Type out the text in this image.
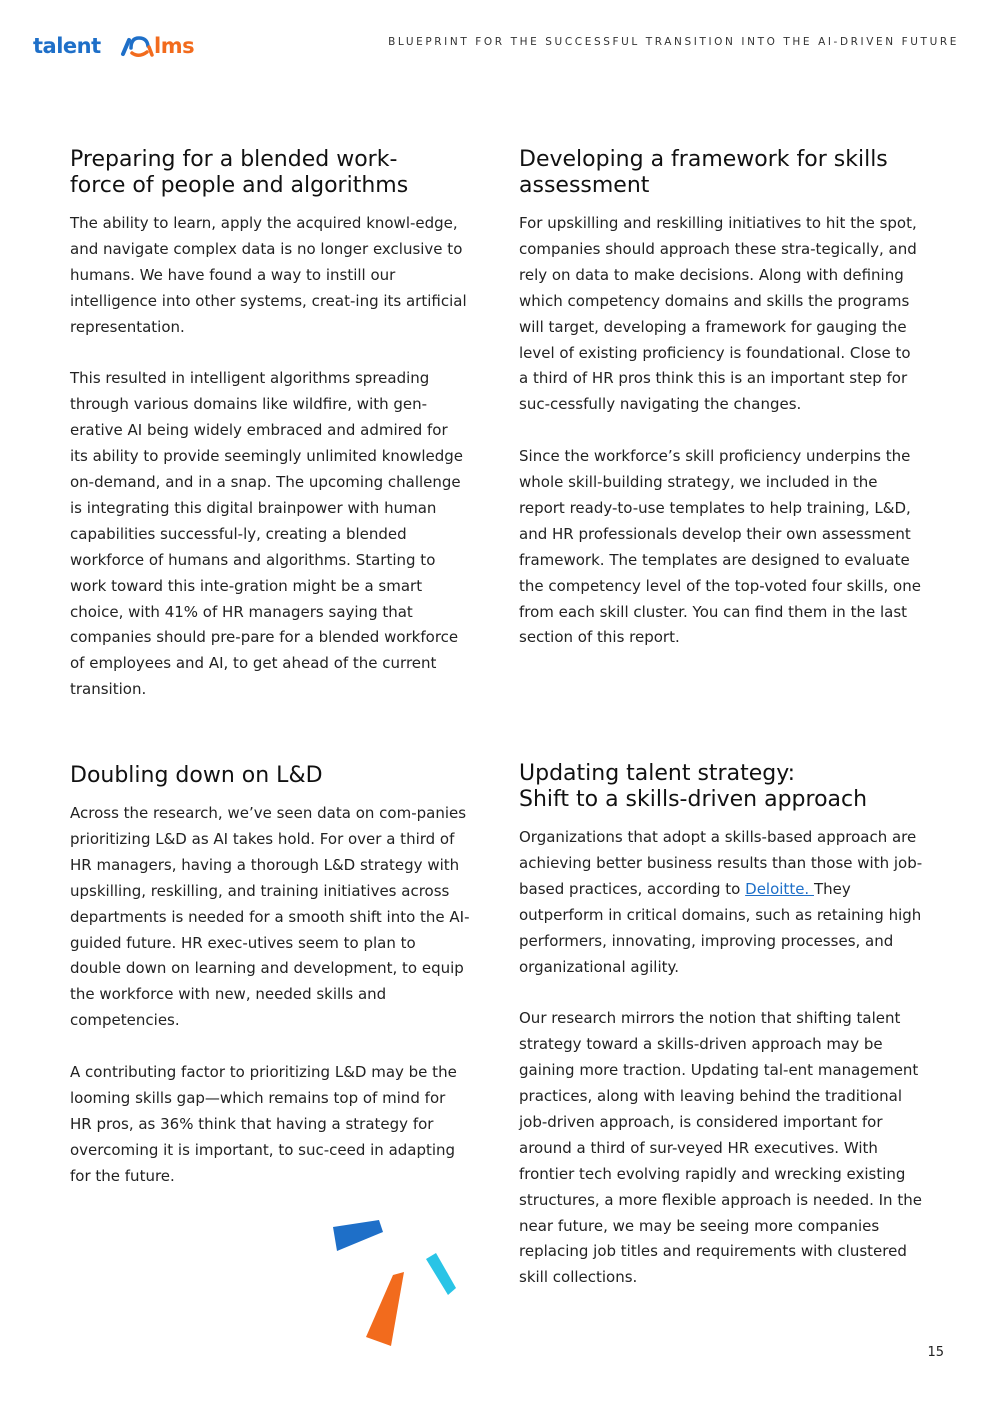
talent	lms	BLUEPRINT FOR THE SUCCESSFUL TRANSITION INTO THE AI-DRIVEN FUTURE
Preparing for a blended work-
force of people and algorithms

The ability to learn, apply the acquired knowl-edge, and navigate complex data is no longer exclusive to humans. We have found a way to instill our intelligence into other systems, creat-ing its artificial representation.

This resulted in intelligent algorithms spreading through various domains like wildfire, with gen-erative AI being widely embraced and admired for its ability to provide seemingly unlimited knowledge on-demand, and in a snap. The upcoming challenge is integrating this digital brainpower with human capabilities successful-ly, creating a blended workforce of humans and algorithms. Starting to work toward this inte-gration might be a smart choice, with 41% of HR managers saying that companies should pre-pare for a blended workforce of employees and AI, to get ahead of the current transition.

Developing a framework for skills
assessment

For upskilling and reskilling initiatives to hit the spot, companies should approach these stra-tegically, and rely on data to make decisions. Along with defining which competency domains and skills the programs will target, developing a framework for gauging the level of existing proficiency is foundational. Close to a third of HR pros think this is an important step for suc-cessfully navigating the changes.

Since the workforce’s skill proficiency underpins the whole skill-building strategy, we included in the report ready-to-use templates to help training, L&D, and HR professionals develop their own assessment framework. The templates are designed to evaluate the competency level of the top-voted four skills, one from each skill cluster. You can find them in the last section of this report.

Doubling down on L&D

Across the research, we’ve seen data on com-panies prioritizing L&D as AI takes hold. For over a third of HR managers, having a thorough L&D strategy with upskilling, reskilling, and training initiatives across departments is needed for a smooth shift into the AI-guided future. HR exec-utives seem to plan to double down on learning and development, to equip the workforce with new, needed skills and competencies.

A contributing factor to prioritizing L&D may be the looming skills gap—which remains top of mind for HR pros, as 36% think that having a strategy for overcoming it is important, to suc-ceed in adapting for the future.

Updating talent strategy:
Shift to a skills-driven approach

Organizations that adopt a skills-based approach are achieving better business results than those with job-based practices, according to Deloitte. They outperform in critical domains, such as retaining high performers, innovating, improving processes, and organizational agility.

Our research mirrors the notion that shifting talent strategy toward a skills-driven approach may be gaining more traction. Updating tal-ent management practices, along with leaving behind the traditional job-driven approach, is considered important for around a third of sur-veyed HR executives. With frontier tech evolving rapidly and wrecking existing structures, a more flexible approach is needed. In the near future, we may be seeing more companies replacing job titles and requirements with clustered skill collections.

15
